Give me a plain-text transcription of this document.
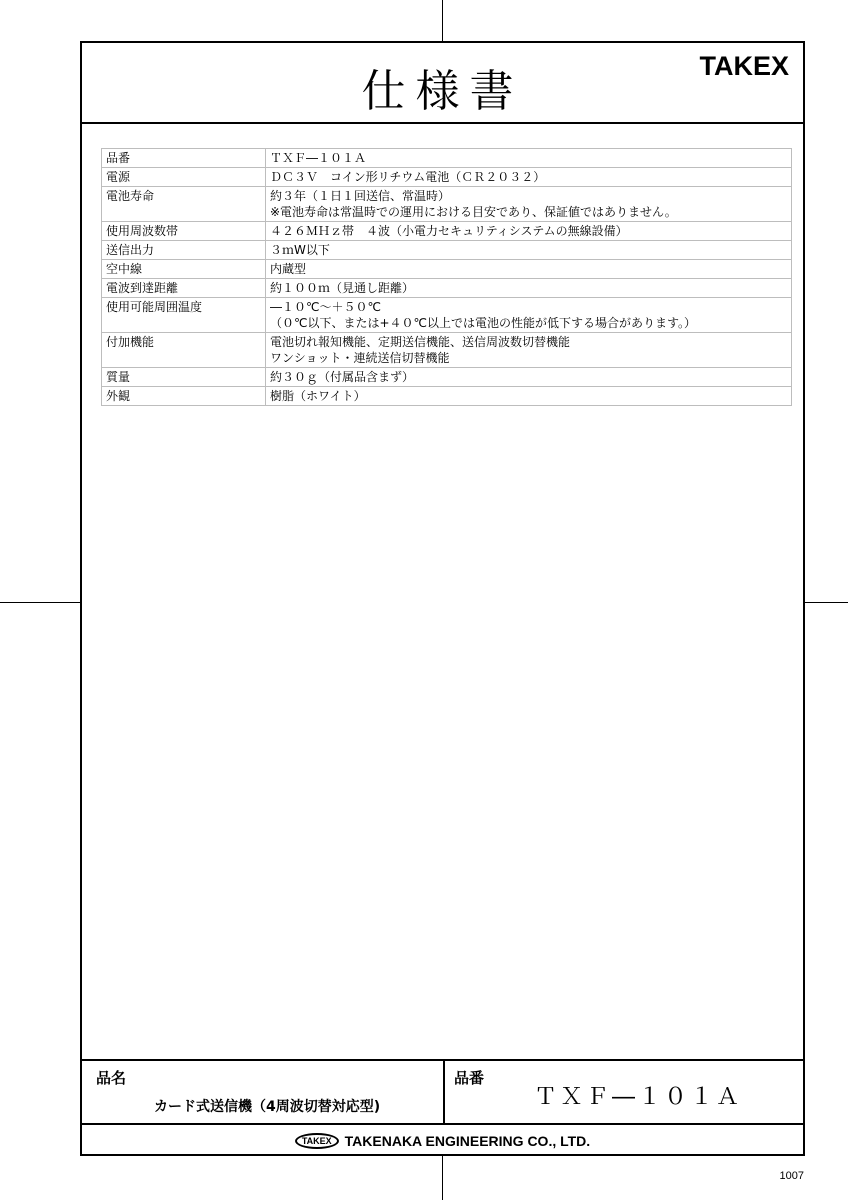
仕様書	TAKEX
品番	ＴＸＦ―１０１Ａ

電源	ＤＣ３Ｖ　コイン形リチウム電池（ＣＲ２０３２）

電池寿命	約３年（１日１回送信、常温時）
※電池寿命は常温時での運用における目安であり、保証値ではありません。

使用周波数帯	４２６ＭＨｚ帯　４波（小電力セキュリティシステムの無線設備）

送信出力	３ｍW以下

空中線	内蔵型

電波到達距離	約１００ｍ（見通し距離）

使用可能周囲温度	―１０℃～＋５０℃
（０℃以下、または+４０℃以上では電池の性能が低下する場合があります。）

付加機能	電池切れ報知機能、定期送信機能、送信周波数切替機能
ワンショット・連続送信切替機能

質量	約３０ｇ（付属品含まず）

外観	樹脂（ホワイト）
品名
カード式送信機（4周波切替対応型)
品番
ＴＸＦ―１０１Ａ
TAKEX TAKENAKA ENGINEERING CO., LTD.
1007
